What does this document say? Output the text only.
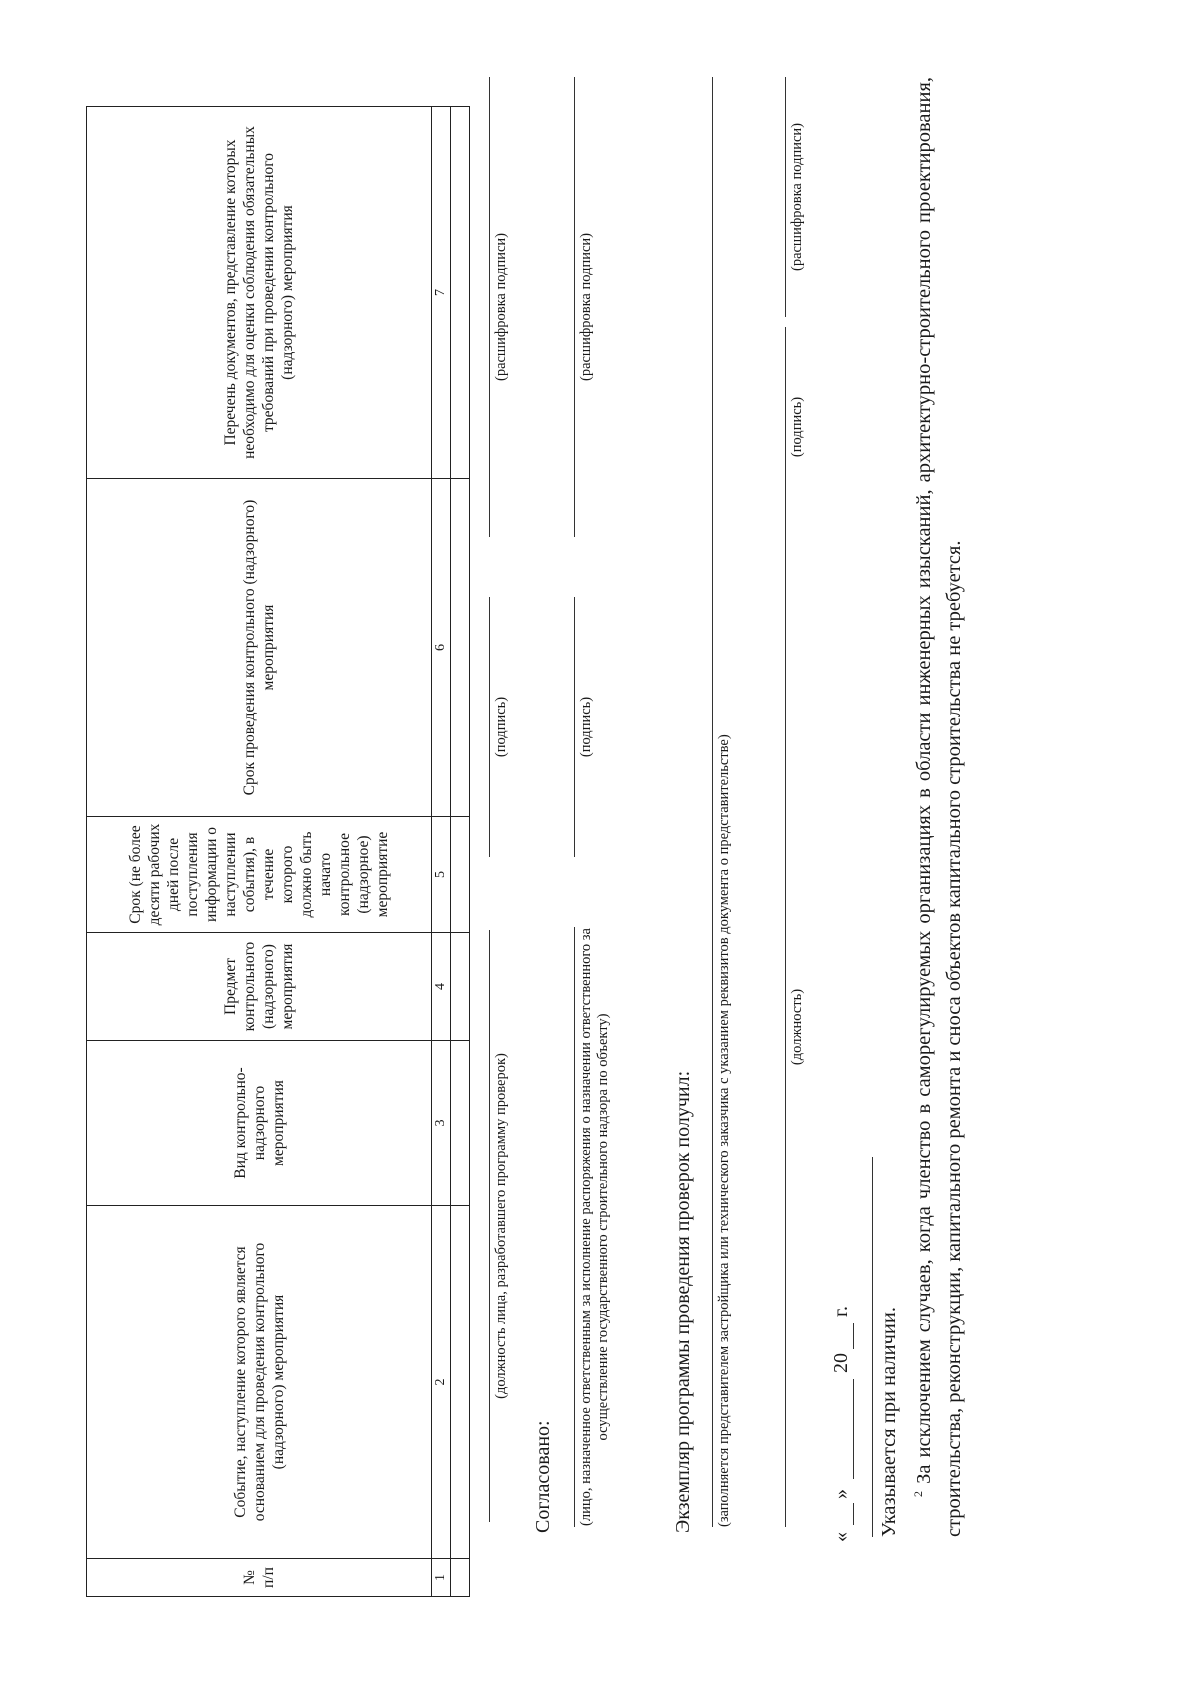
№ п/п	Событие, наступление которого является основанием для проведения контрольного (надзорного) мероприятия	Вид контрольно-надзорного мероприятия	Предмет контрольного (надзорного) мероприятия	Срок (не более десяти рабочих дней после поступления информации о наступлении события), в течение которого должно быть начато контрольное (надзорное) мероприятие	Срок проведения контрольного (надзорного) мероприятия	Перечень документов, представление которых необходимо для оценки соблюдения обязательных требований при проведении контрольного (надзорного) мероприятия
1	2	3	4	5	6	7

(должность лица, разработавшего программу проверок)
(подпись)
(расшифровка подписи)
Согласовано: (лицо, назначенное ответственным за исполнение распоряжения о назначении ответственного за осуществление государственного строительного надзора по объекту)
(подпись)
(расшифровка подписи)
Экземпляр программы проведения проверок получил: (заполняется представителем застройщика или технического заказчика с указанием реквизитов документа о представительстве)	(должность)
(подпись)
(расшифровка подписи)
«
»
20
г. Указывается при наличии. $^2$ За исключением случаев, когда членство в саморегулируемых организациях в области инженерных изысканий, архитектурно-строительного проектирования, строительства, реконструкции, капитального ремонта и сноса объектов капитального строительства не требуется.
